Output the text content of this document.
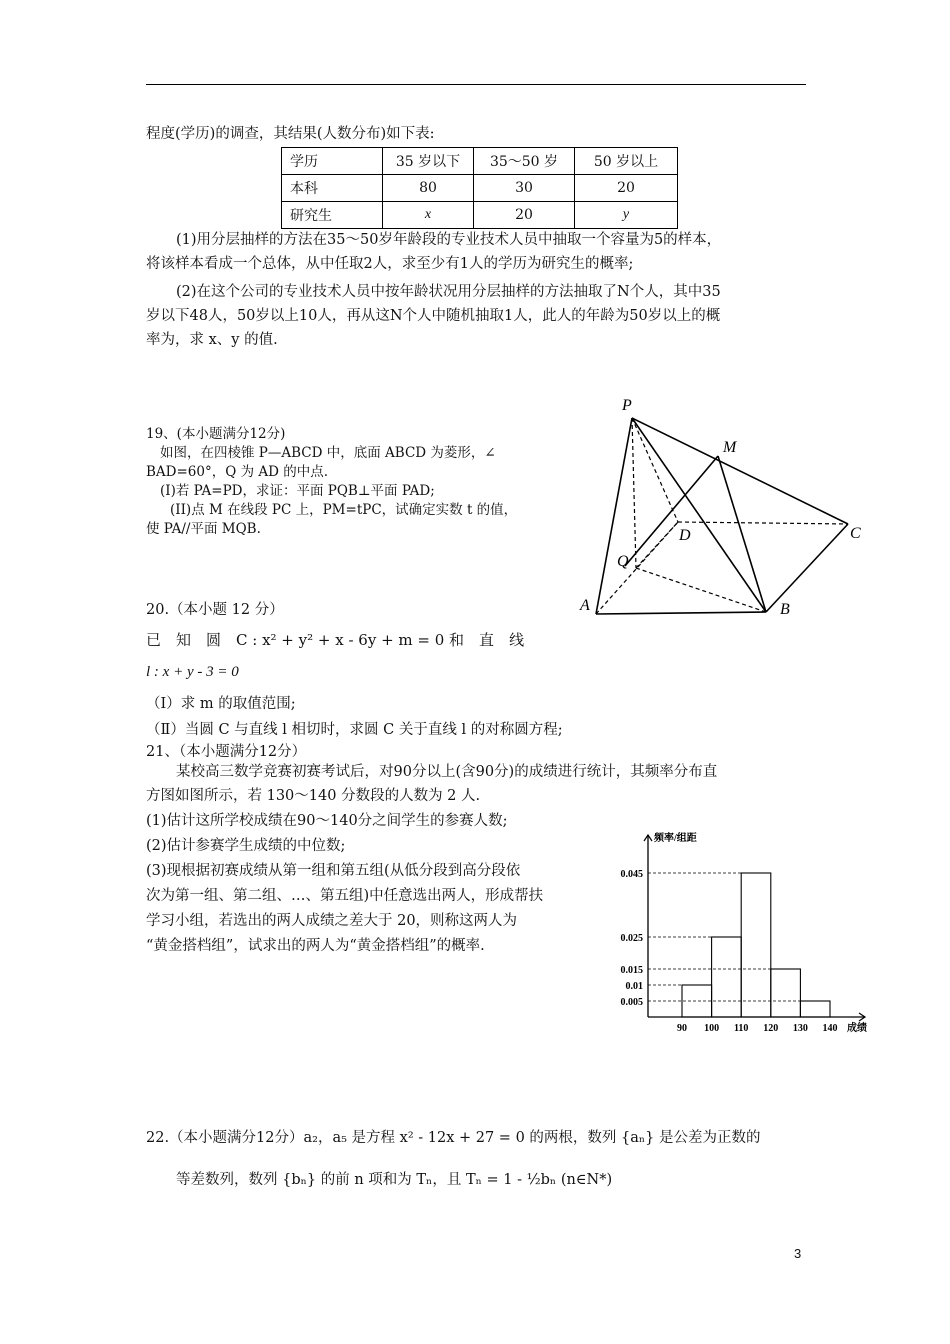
程度(学历)的调查，其结果(人数分布)如下表:
学历	35 岁以下	35～50 岁	50 岁以上
本科	80	30	20
研究生	x	20	y
(1)用分层抽样的方法在35～50岁年龄段的专业技术人员中抽取一个容量为5的样本，
将该样本看成一个总体，从中任取2人，求至少有1人的学历为研究生的概率;
(2)在这个公司的专业技术人员中按年龄状况用分层抽样的方法抽取了N个人，其中35
岁以下48人，50岁以上10人，再从这N个人中随机抽取1人，此人的年龄为50岁以上的概
率为，求 x、y 的值.
19、(本小题满分12分)
如图，在四棱锥 P—ABCD 中，底面 ABCD 为菱形，∠
BAD=60°，Q 为 AD 的中点.
(I)若 PA=PD，求证：平面 PQB⊥平面 PAD;
(II)点 M 在线段 PC 上，PM=tPC，试确定实数 t 的值，
使 PA//平面 MQB.
P
M
D	C
Q
A	B
20.（本小题 12 分）
已　知　圆　C : x² + y² + x - 6y + m = 0 和　直　线
l : x + y - 3 = 0
（Ⅰ）求 m 的取值范围;
（Ⅱ）当圆 C 与直线 l 相切时，求圆 C 关于直线 l 的对称圆方程;
21、（本小题满分12分）
某校高三数学竞赛初赛考试后，对90分以上(含90分)的成绩进行统计，其频率分布直
方图如图所示，若 130～140 分数段的人数为 2 人.
(1)估计这所学校成绩在90～140分之间学生的参赛人数;
(2)估计参赛学生成绩的中位数;
(3)现根据初赛成绩从第一组和第五组(从低分段到高分段依
次为第一组、第二组、…、第五组)中任意选出两人，形成帮扶
学习小组，若选出的两人成绩之差大于 20，则称这两人为
“黄金搭档组”，试求出的两人为“黄金搭档组”的概率.
0.045
0.025
0.015
0.01
0.005
90 100 110 120 130 140
频率/组距
成绩
22.（本小题满分12分）a₂，a₅ 是方程 x² - 12x + 27 = 0 的两根，数列 {aₙ} 是公差为正数的
等差数列，数列 {bₙ} 的前 n 项和为 Tₙ，且 Tₙ = 1 - ½bₙ (n∈N*)
3
